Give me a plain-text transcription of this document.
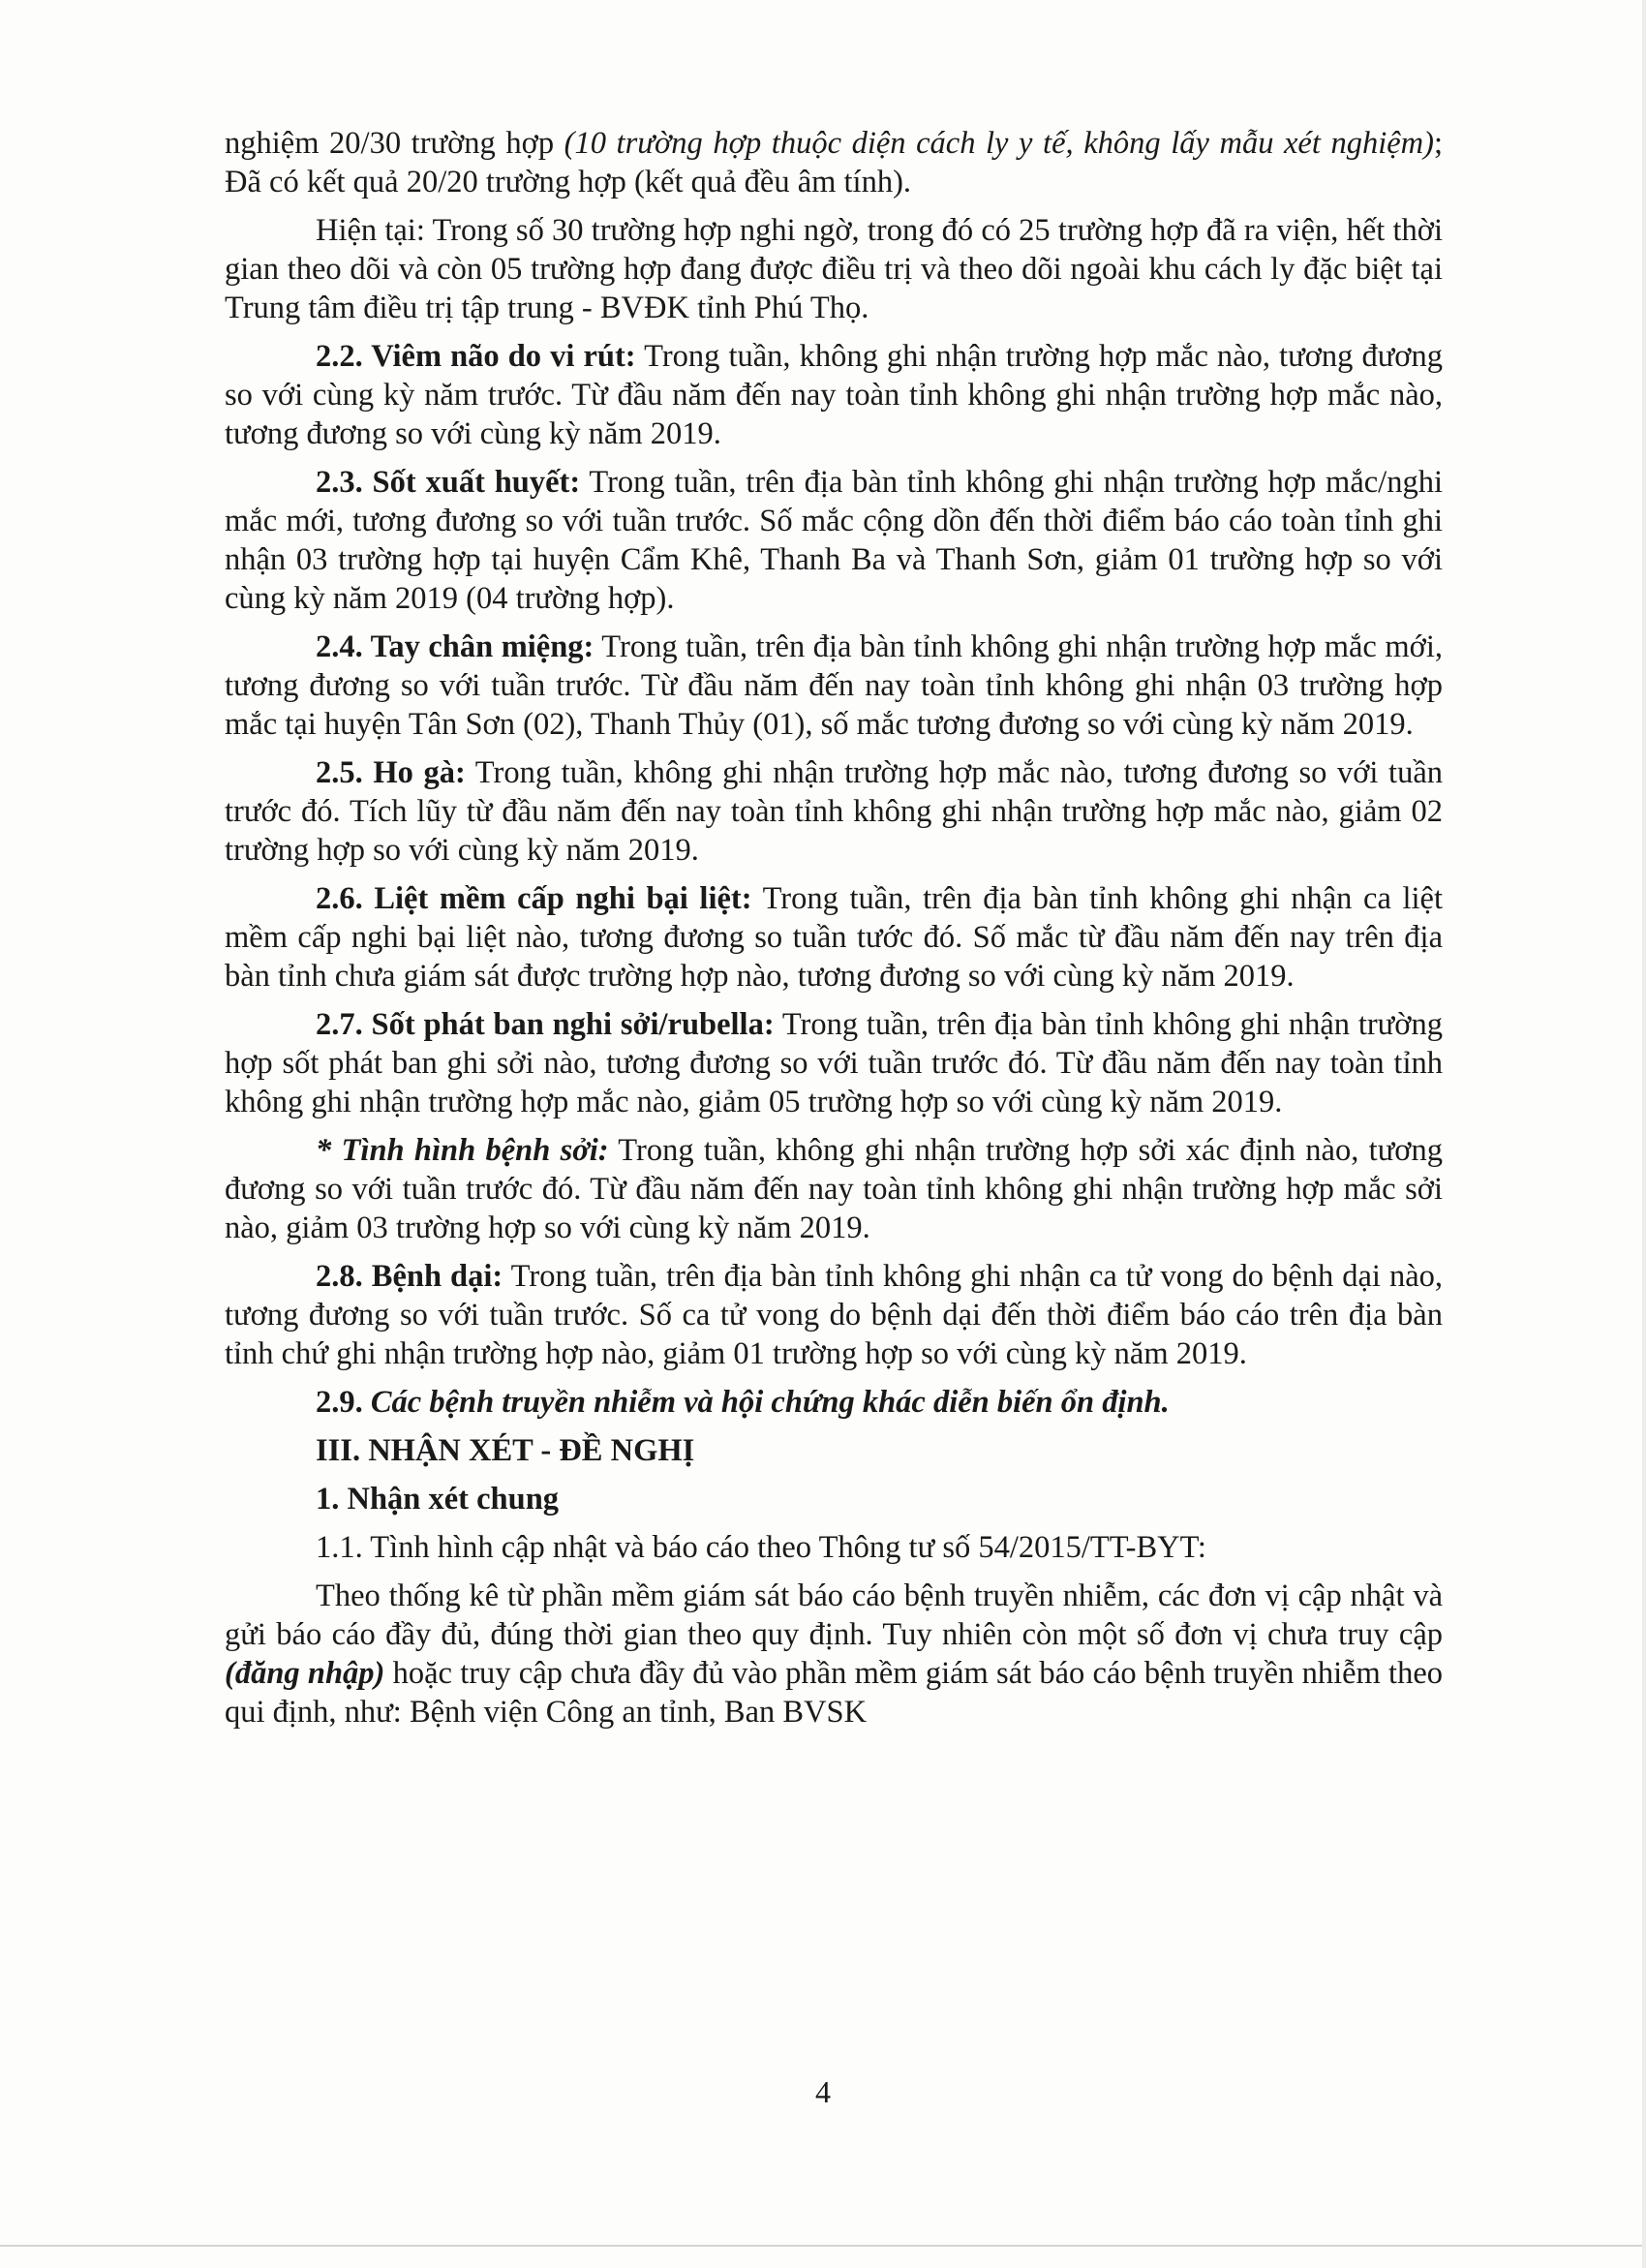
nghiệm 20/30 trường hợp (10 trường hợp thuộc diện cách ly y tế, không lấy mẫu xét nghiệm); Đã có kết quả 20/20 trường hợp (kết quả đều âm tính).

Hiện tại: Trong số 30 trường hợp nghi ngờ, trong đó có 25 trường hợp đã ra viện, hết thời gian theo dõi và còn 05 trường hợp đang được điều trị và theo dõi ngoài khu cách ly đặc biệt tại Trung tâm điều trị tập trung - BVĐK tỉnh Phú Thọ.

2.2. Viêm não do vi rút: Trong tuần, không ghi nhận trường hợp mắc nào, tương đương so với cùng kỳ năm trước. Từ đầu năm đến nay toàn tỉnh không ghi nhận trường hợp mắc nào, tương đương so với cùng kỳ năm 2019.

2.3. Sốt xuất huyết: Trong tuần, trên địa bàn tỉnh không ghi nhận trường hợp mắc/nghi mắc mới, tương đương so với tuần trước. Số mắc cộng dồn đến thời điểm báo cáo toàn tỉnh ghi nhận 03 trường hợp tại huyện Cẩm Khê, Thanh Ba và Thanh Sơn, giảm 01 trường hợp so với cùng kỳ năm 2019 (04 trường hợp).

2.4. Tay chân miệng: Trong tuần, trên địa bàn tỉnh không ghi nhận trường hợp mắc mới, tương đương so với tuần trước. Từ đầu năm đến nay toàn tỉnh không ghi nhận 03 trường hợp mắc tại huyện Tân Sơn (02), Thanh Thủy (01), số mắc tương đương so với cùng kỳ năm 2019.

2.5. Ho gà: Trong tuần, không ghi nhận trường hợp mắc nào, tương đương so với tuần trước đó. Tích lũy từ đầu năm đến nay toàn tỉnh không ghi nhận trường hợp mắc nào, giảm 02 trường hợp so với cùng kỳ năm 2019.

2.6. Liệt mềm cấp nghi bại liệt: Trong tuần, trên địa bàn tỉnh không ghi nhận ca liệt mềm cấp nghi bại liệt nào, tương đương so tuần tước đó. Số mắc từ đầu năm đến nay trên địa bàn tỉnh chưa giám sát được trường hợp nào, tương đương so với cùng kỳ năm 2019.

2.7. Sốt phát ban nghi sởi/rubella: Trong tuần, trên địa bàn tỉnh không ghi nhận trường hợp sốt phát ban ghi sởi nào, tương đương so với tuần trước đó. Từ đầu năm đến nay toàn tỉnh không ghi nhận trường hợp mắc nào, giảm 05 trường hợp so với cùng kỳ năm 2019.

* Tình hình bệnh sởi: Trong tuần, không ghi nhận trường hợp sởi xác định nào, tương đương so với tuần trước đó. Từ đầu năm đến nay toàn tỉnh không ghi nhận trường hợp mắc sởi nào, giảm 03 trường hợp so với cùng kỳ năm 2019.

2.8. Bệnh dại: Trong tuần, trên địa bàn tỉnh không ghi nhận ca tử vong do bệnh dại nào, tương đương so với tuần trước. Số ca tử vong do bệnh dại đến thời điểm báo cáo trên địa bàn tỉnh chứ ghi nhận trường hợp nào, giảm 01 trường hợp so với cùng kỳ năm 2019.

2.9. Các bệnh truyền nhiễm và hội chứng khác diễn biến ổn định.

III. NHẬN XÉT - ĐỀ NGHỊ
1. Nhận xét chung

1.1. Tình hình cập nhật và báo cáo theo Thông tư số 54/2015/TT-BYT:

Theo thống kê từ phần mềm giám sát báo cáo bệnh truyền nhiễm, các đơn vị cập nhật và gửi báo cáo đầy đủ, đúng thời gian theo quy định. Tuy nhiên còn một số đơn vị chưa truy cập (đăng nhập) hoặc truy cập chưa đầy đủ vào phần mềm giám sát báo cáo bệnh truyền nhiễm theo qui định, như: Bệnh viện Công an tỉnh, Ban BVSK

4
